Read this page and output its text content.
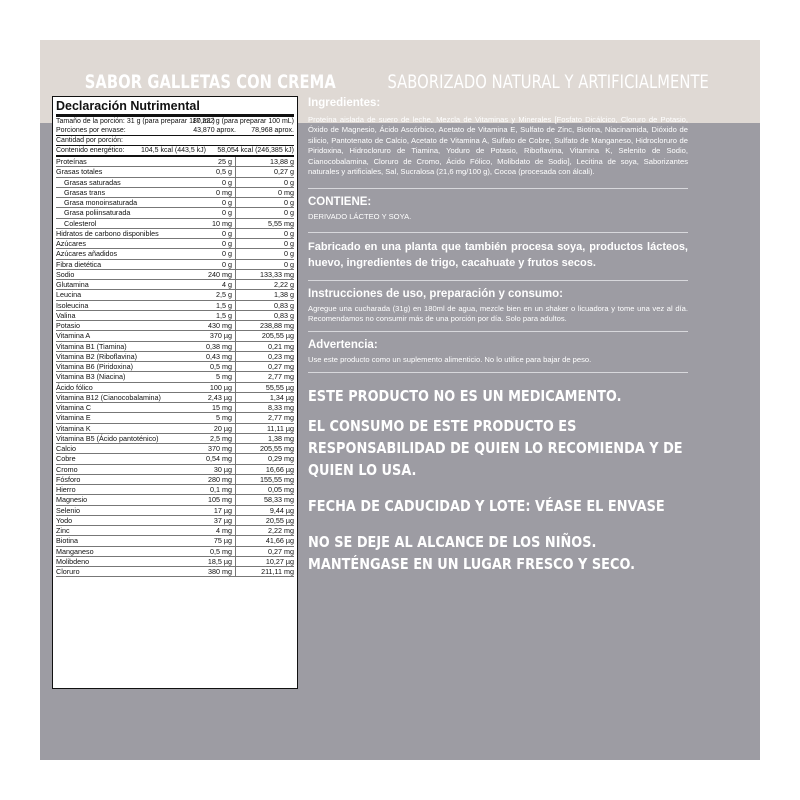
SABOR GALLETAS CON CREMA	SABORIZADO NATURAL Y ARTIFICIALMENTE
Declaración Nutrimental
Tamaño de la porción: 31 g (para preparar 180 mL)
17,222 g (para preparar 100 mL)
Porciones por envase:	43,870 aprox.	78,968 aprox.
Cantidad por porción:
Contenido energético:	104,5 kcal (443,5 kJ)	58,054 kcal (246,385 kJ)
Proteínas	25 g	13,88 g
Grasas totales	0,5 g	0,27 g
Grasas saturadas	0 g	0 g
Grasas trans	0 mg	0 mg
Grasa monoinsaturada	0 g	0 g
Grasa poliinsaturada	0 g	0 g
Colesterol	10 mg	5,55 mg
Hidratos de carbono disponibles	0 g	0 g
Azúcares	0 g	0 g
Azúcares añadidos	0 g	0 g
Fibra dietética	0 g	0 g
Sodio	240 mg	133,33 mg
Glutamina	4 g	2,22 g
Leucina	2,5 g	1,38 g
Isoleucina	1,5 g	0,83 g
Valina	1,5 g	0,83 g
Potasio	430 mg	238,88 mg
Vitamina A	370 µg	205,55 µg
Vitamina B1 (Tiamina)	0,38 mg	0,21 mg
Vitamina B2 (Riboflavina)	0,43 mg	0,23 mg
Vitamina B6 (Piridoxina)	0,5 mg	0,27 mg
Vitamina B3 (Niacina)	5 mg	2,77 mg
Ácido fólico	100 µg	55,55 µg
Vitamina B12 (Cianocobalamina)	2,43 µg	1,34 µg
Vitamina C	15 mg	8,33 mg
Vitamina E	5 mg	2,77 mg
Vitamina K	20 µg	11,11 µg
Vitamina B5 (Ácido pantoténico)	2,5 mg	1,38 mg
Calcio	370 mg	205,55 mg
Cobre	0,54 mg	0,29 mg
Cromo	30 µg	16,66 µg
Fósforo	280 mg	155,55 mg
Hierro	0,1 mg	0,05 mg
Magnesio	105 mg	58,33 mg
Selenio	17 µg	9,44 µg
Yodo	37 µg	20,55 µg
Zinc	4 mg	2,22 mg
Biotina	75 µg	41,66 µg
Manganeso	0,5 mg	0,27 mg
Molibdeno	18,5 µg	10,27 µg
Cloruro	380 mg	211,11 mg
Ingredientes:
Proteína aislada de suero de leche, Mezcla de Vitaminas y Minerales [Fosfato Dicálcico, Cloruro de Potasio, Óxido de Magnesio, Ácido Ascórbico, Acetato de Vitamina E, Sulfato de Zinc, Biotina, Niacinamida, Dióxido de silicio, Pantotenato de Calcio, Acetato de Vitamina A, Sulfato de Cobre, Sulfato de Manganeso, Hidrocloruro de Piridoxina, Hidrocloruro de Tiamina, Yoduro de Potasio, Riboflavina, Vitamina K, Selenito de Sodio, Cianocobalamina, Cloruro de Cromo, Ácido Fólico, Molibdato de Sodio], Lecitina de soya, Saborizantes naturales y artificiales, Sal, Sucralosa (21,6 mg/100 g), Cocoa (procesada con álcali).
CONTIENE:
DERIVADO LÁCTEO Y SOYA.
Fabricado en una planta que también procesa soya, productos lácteos, huevo, ingredientes de trigo, cacahuate y frutos secos.
Instrucciones de uso, preparación y consumo:
Agregue una cucharada (31g) en 180ml de agua, mezcle bien en un shaker o licuadora y tome una vez al día. Recomendamos no consumir más de una porción por día. Solo para adultos.
Advertencia:
Use este producto como un suplemento alimenticio. No lo utilice para bajar de peso.
ESTE PRODUCTO NO ES UN MEDICAMENTO.
EL CONSUMO DE ESTE PRODUCTO ES RESPONSABILIDAD DE QUIEN LO RECOMIENDA Y DE QUIEN LO USA.
FECHA DE CADUCIDAD Y LOTE: VÉASE EL ENVASE
NO SE DEJE AL ALCANCE DE LOS NIÑOS. MANTÉNGASE EN UN LUGAR FRESCO Y SECO.
